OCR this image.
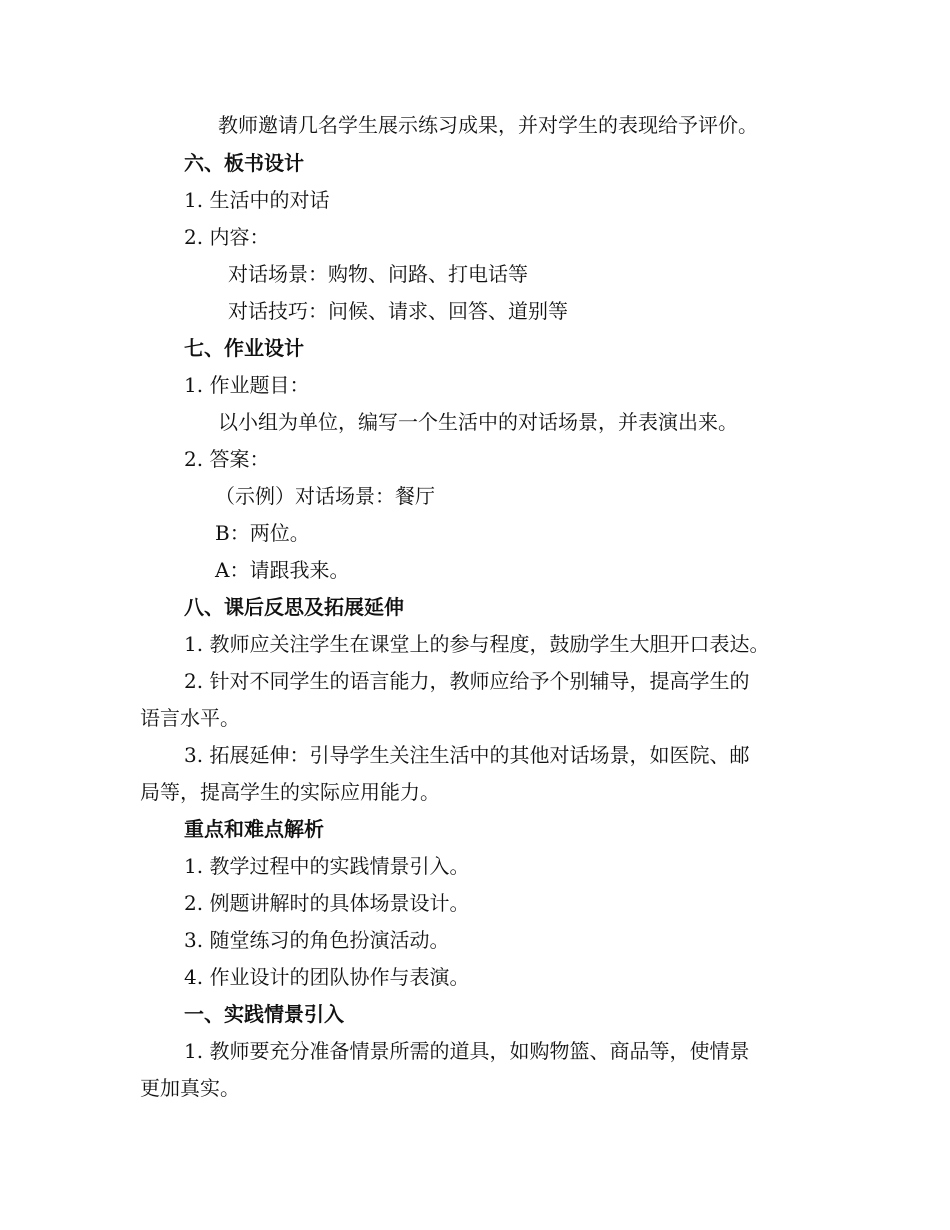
教师邀请几名学生展示练习成果，并对学生的表现给予评价。
六、板书设计
1. 生活中的对话
2. 内容：
对话场景：购物、问路、打电话等
对话技巧：问候、请求、回答、道别等
七、作业设计
1. 作业题目：
以小组为单位，编写一个生活中的对话场景，并表演出来。
2. 答案：
（示例）对话场景：餐厅
B：两位。
A：请跟我来。
八、课后反思及拓展延伸
1. 教师应关注学生在课堂上的参与程度，鼓励学生大胆开口表达。
2. 针对不同学生的语言能力，教师应给予个别辅导，提高学生的
语言水平。
3. 拓展延伸：引导学生关注生活中的其他对话场景，如医院、邮
局等，提高学生的实际应用能力。
重点和难点解析
1. 教学过程中的实践情景引入。
2. 例题讲解时的具体场景设计。
3. 随堂练习的角色扮演活动。
4. 作业设计的团队协作与表演。
一、实践情景引入
1. 教师要充分准备情景所需的道具，如购物篮、商品等，使情景
更加真实。
